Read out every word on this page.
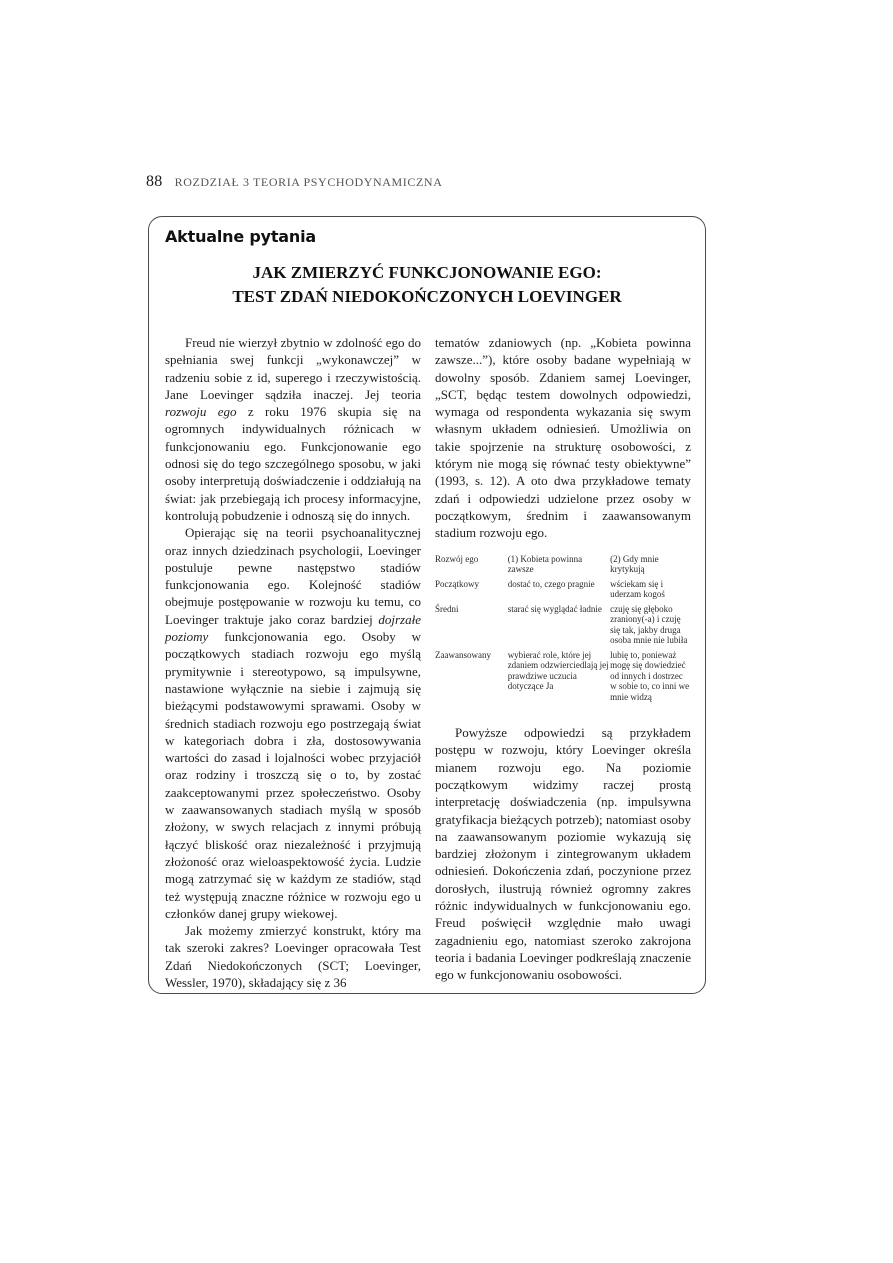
88 ROZDZIAŁ 3 TEORIA PSYCHODYNAMICZNA
Aktualne pytania
JAK ZMIERZYĆ FUNKCJONOWANIE EGO:
TEST ZDAŃ NIEDOKOŃCZONYCH LOEVINGER

Freud nie wierzył zbytnio w zdolność ego do spełniania swej funkcji „wykonawczej” w radzeniu sobie z id, superego i rzeczywistością. Jane Loevinger sądziła inaczej. Jej teoria rozwoju ego z roku 1976 skupia się na ogromnych indywidualnych różnicach w funkcjonowaniu ego. Funkcjonowanie ego odnosi się do tego szczególnego sposobu, w jaki osoby interpretują doświadczenie i oddziałują na świat: jak przebiegają ich procesy informacyjne, kontrolują pobudzenie i odnoszą się do innych.

Opierając się na teorii psychoanalitycznej oraz innych dziedzinach psychologii, Loevinger postuluje pewne następstwo stadiów funkcjonowania ego. Kolejność stadiów obejmuje postępowanie w rozwoju ku temu, co Loevinger traktuje jako coraz bardziej dojrzałe poziomy funkcjonowania ego. Osoby w początkowych stadiach rozwoju ego myślą prymitywnie i stereotypowo, są impulsywne, nastawione wyłącznie na siebie i zajmują się bieżącymi podstawowymi sprawami. Osoby w średnich stadiach rozwoju ego postrzegają świat w kategoriach dobra i zła, dostosowywania wartości do zasad i lojalności wobec przyjaciół oraz rodziny i troszczą się o to, by zostać zaakceptowanymi przez społeczeństwo. Osoby w zaawansowanych stadiach myślą w sposób złożony, w swych relacjach z innymi próbują łączyć bliskość oraz niezależność i przyjmują złożoność oraz wieloaspektowość życia. Ludzie mogą zatrzymać się w każdym ze stadiów, stąd też występują znaczne różnice w rozwoju ego u członków danej grupy wiekowej.

Jak możemy zmierzyć konstrukt, który ma tak szeroki zakres? Loevinger opracowała Test Zdań Niedokończonych (SCT; Loevinger, Wessler, 1970), składający się z 36

tematów zdaniowych (np. „Kobieta powinna zawsze...”), które osoby badane wypełniają w dowolny sposób. Zdaniem samej Loevinger, „SCT, będąc testem dowolnych odpowiedzi, wymaga od respondenta wykazania się swym własnym układem odniesień. Umożliwia on takie spojrzenie na strukturę osobowości, z którym nie mogą się równać testy obiektywne” (1993, s. 12). A oto dwa przykładowe tematy zdań i odpowiedzi udzielone przez osoby w początkowym, średnim i zaawansowanym stadium rozwoju ego.

Rozwój ego	(1) Kobieta powinna zawsze	(2) Gdy mnie krytykują
Początkowy	dostać to, czego pragnie	wściekam się i uderzam kogoś
Średni	starać się wyglądać ładnie	czuję się głęboko zraniony(-a) i czuję się tak, jakby druga osoba mnie nie lubiła
Zaawansowany	wybierać role, które jej zdaniem odzwierciedlają jej prawdziwe uczucia dotyczące Ja	lubię to, ponieważ mogę się dowiedzieć od innych i dostrzec w sobie to, co inni we mnie widzą

Powyższe odpowiedzi są przykładem postępu w rozwoju, który Loevinger określa mianem rozwoju ego. Na poziomie początkowym widzimy raczej prostą interpretację doświadczenia (np. impulsywna gratyfikacja bieżących potrzeb); natomiast osoby na zaawansowanym poziomie wykazują się bardziej złożonym i zintegrowanym układem odniesień. Dokończenia zdań, poczynione przez dorosłych, ilustrują również ogromny zakres różnic indywidualnych w funkcjonowaniu ego. Freud poświęcił względnie mało uwagi zagadnieniu ego, natomiast szeroko zakrojona teoria i badania Loevinger podkreślają znaczenie ego w funkcjonowaniu osobowości.
